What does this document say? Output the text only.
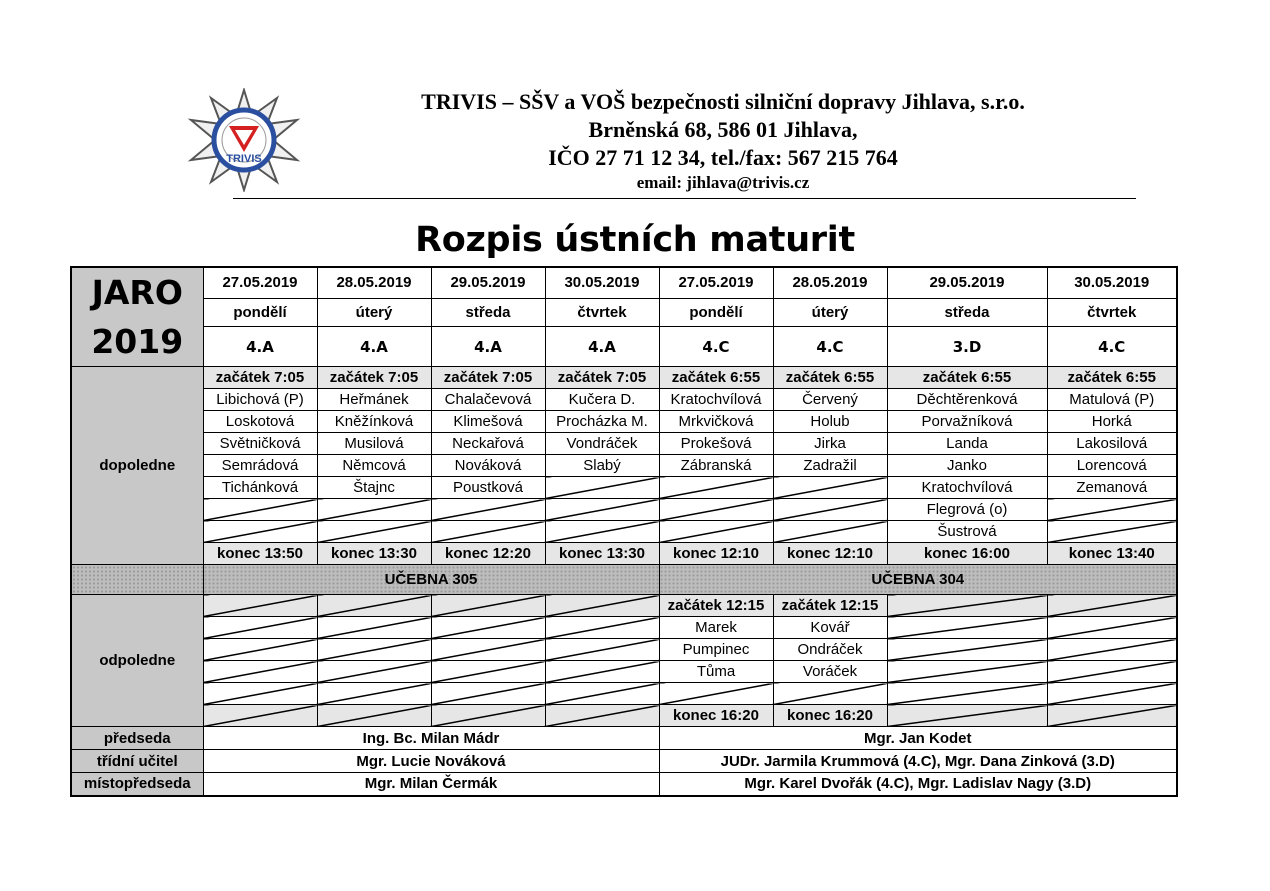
TRIVIS
TRIVIS – SŠV a VOŠ bezpečnosti silniční dopravy Jihlava, s.r.o.
Brněnská 68, 586 01 Jihlava,
IČO 27 71 12 34, tel./fax: 567 215 764
email: jihlava@trivis.cz
Rozpis ústních maturit
JARO
2019	27.05.2019	28.05.2019	29.05.2019	30.05.2019	27.05.2019	28.05.2019	29.05.2019	30.05.2019
	pondělí	úterý	středa	čtvrtek	pondělí	úterý	středa	čtvrtek
	4.A	4.A	4.A	4.A	4.C	4.C	3.D	4.C
dopoledne	začátek 7:05	začátek 7:05	začátek 7:05	začátek 7:05	začátek 6:55	začátek 6:55	začátek 6:55	začátek 6:55
	Libichová (P)	Heřmánek	Chalačevová	Kučera D.	Kratochvílová	Červený	Děchtěrenková	Matulová (P)
	Loskotová	Kněžínková	Klimešová	Procházka M.	Mrkvičková	Holub	Porvažníková	Horká
	Světničková	Musilová	Neckařová	Vondráček	Prokešová	Jirka	Landa	Lakosilová
	Semrádová	Němcová	Nováková	Slabý	Zábranská	Zadražil	Janko	Lorencová
	Tichánková	Štajnc	Poustková				Kratochvílová	Zemanová
							Flegrová (o)	
							Šustrová	
	konec 13:50	konec 13:30	konec 12:20	konec 13:30	konec 12:10	konec 12:10	konec 16:00	konec 13:40
	UČEBNA 305				UČEBNA 304			
odpoledne					začátek 12:15	začátek 12:15		
					Marek	Kovář		
					Pumpinec	Ondráček		
					Tůma	Voráček		

					konec 16:20	konec 16:20		
předseda	Ing. Bc. Milan Mádr				Mgr. Jan Kodet			
třídní učitel	Mgr. Lucie Nováková				JUDr. Jarmila Krummová (4.C), Mgr. Dana Zinková (3.D)			
místopředseda	Mgr. Milan Čermák				Mgr. Karel Dvořák (4.C), Mgr. Ladislav Nagy (3.D)			
